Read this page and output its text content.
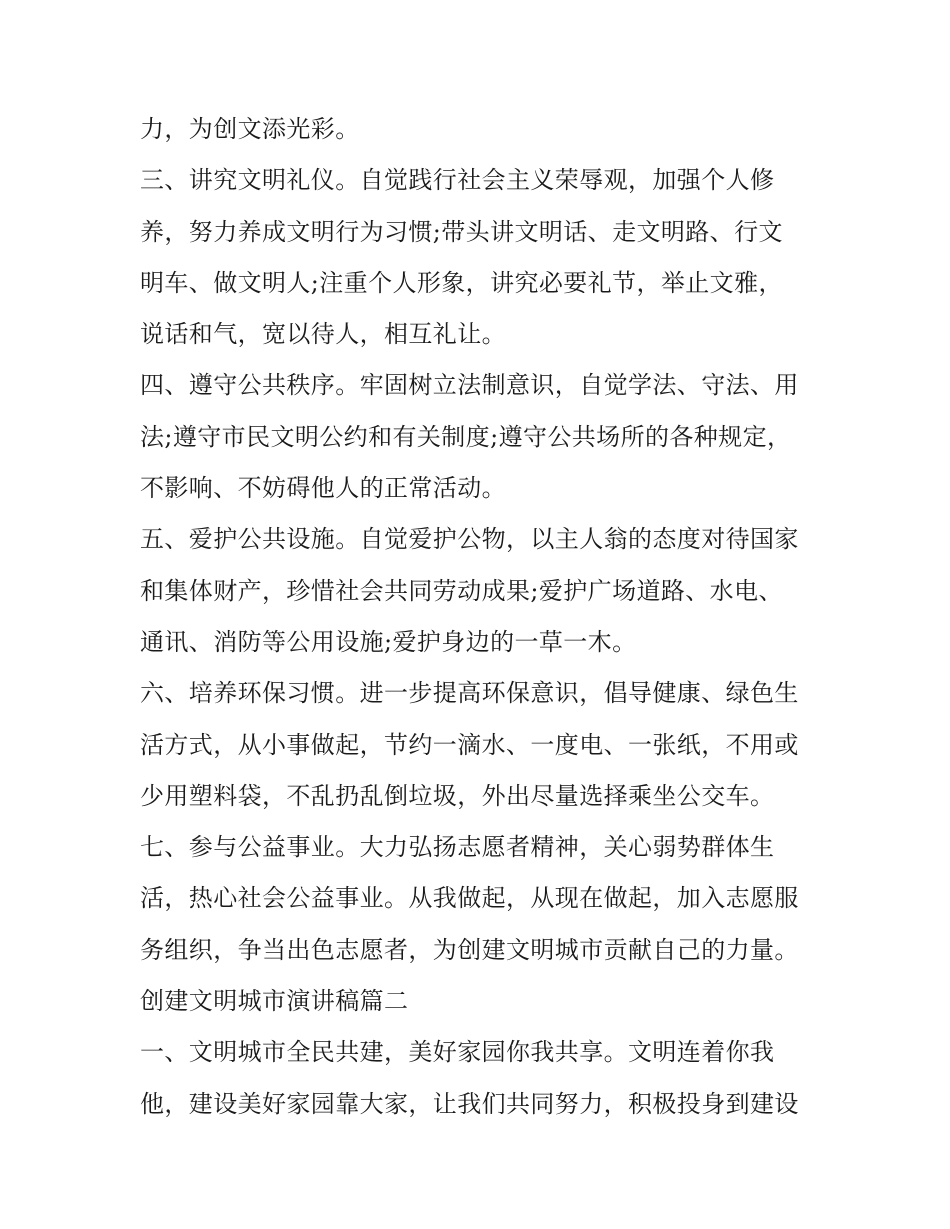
力，为创文添光彩。
三、讲究文明礼仪。自觉践行社会主义荣辱观，加强个人修
养，努力养成文明行为习惯;带头讲文明话、走文明路、行文
明车、做文明人;注重个人形象，讲究必要礼节，举止文雅，
说话和气，宽以待人，相互礼让。
四、遵守公共秩序。牢固树立法制意识，自觉学法、守法、用
法;遵守市民文明公约和有关制度;遵守公共场所的各种规定，
不影响、不妨碍他人的正常活动。
五、爱护公共设施。自觉爱护公物，以主人翁的态度对待国家
和集体财产，珍惜社会共同劳动成果;爱护广场道路、水电、
通讯、消防等公用设施;爱护身边的一草一木。
六、培养环保习惯。进一步提高环保意识，倡导健康、绿色生
活方式，从小事做起，节约一滴水、一度电、一张纸，不用或
少用塑料袋，不乱扔乱倒垃圾，外出尽量选择乘坐公交车。
七、参与公益事业。大力弘扬志愿者精神，关心弱势群体生
活，热心社会公益事业。从我做起，从现在做起，加入志愿服
务组织，争当出色志愿者，为创建文明城市贡献自己的力量。
创建文明城市演讲稿篇二
一、文明城市全民共建，美好家园你我共享。文明连着你我
他，建设美好家园靠大家，让我们共同努力，积极投身到建设
